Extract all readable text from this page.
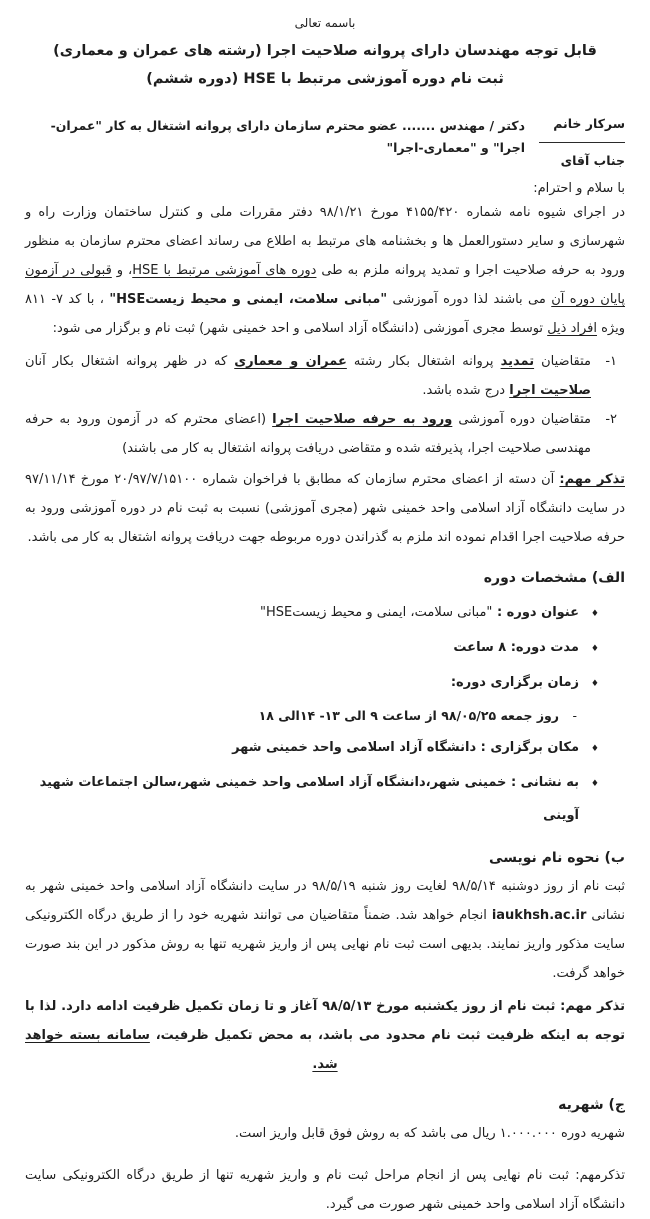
باسمه تعالی
قابل توجه مهندسان دارای پروانه صلاحیت اجرا (رشته های عمران و معماری)
ثبت نام دوره آموزشی مرتبط با HSE (دوره ششم)
سرکار خانم
جناب آقای
دکتر / مهندس ....... عضو محترم سازمان دارای پروانه اشتغال به کار "عمران-اجرا" و "معماری-اجرا"
با سلام و احترام:

در اجرای شیوه نامه شماره ۴۱۵۵/۴۲۰ مورخ ۹۸/۱/۲۱ دفتر مقررات ملی و کنترل ساختمان وزارت راه و شهرسازی و سایر دستورالعمل ها و بخشنامه های مرتبط به اطلاع می رساند اعضای محترم سازمان به منظور ورود به حرفه صلاحیت اجرا و تمدید پروانه ملزم به طی دوره های آموزشی مرتبط با HSE، و قبولی در آزمون پایان دوره آن می باشند لذا دوره آموزشی "مبانی سلامت، ایمنی و محیط زیستHSE" ، با کد ۷- ۸۱۱ ویژه افراد ذیل توسط مجری آموزشی (دانشگاه آزاد اسلامی و احد خمینی شهر) ثبت نام و برگزار می شود:

۱-
متقاضیان تمدید پروانه اشتغال بکار رشته عمران و معماری که در ظهر پروانه اشتغال بکار آنان صلاحیت اجرا درج شده باشد.
۲-
متقاضیان دوره آموزشی ورود به حرفه صلاحیت اجرا (اعضای محترم که در آزمون ورود به حرفه مهندسی صلاحیت اجرا، پذیرفته شده و متقاضی دریافت پروانه اشتغال به کار می باشند)

تذکر مهم: آن دسته از اعضای محترم سازمان که مطابق با فراخوان شماره ۲۰/۹۷/۷/۱۵۱۰۰ مورخ ۹۷/۱۱/۱۴ در سایت دانشگاه آزاد اسلامی واحد خمینی شهر (مجری آموزشی) نسبت به ثبت نام در دوره آموزشی ورود به حرفه صلاحیت اجرا اقدام نموده اند ملزم به گذراندن دوره مربوطه جهت دریافت پروانه اشتغال به کار می باشد.

الف) مشخصات دوره
♦
عنوان دوره : "مبانی سلامت، ایمنی و محیط زیستHSE"
♦
مدت دوره: ۸ ساعت
♦
زمان برگزاری دوره:
-
روز جمعه ۹۸/۰۵/۲۵ از ساعت ۹ الی ۱۳- ۱۴الی ۱۸
♦
مکان برگزاری : دانشگاه آزاد اسلامی واحد خمینی شهر
♦
به نشانی : خمینی شهر،دانشگاه آزاد اسلامی واحد خمینی شهر،سالن اجتماعات شهید آوینی
ب) نحوه نام نویسی

ثبت نام از روز دوشنبه ۹۸/۵/۱۴ لغایت روز شنبه ۹۸/۵/۱۹ در سایت دانشگاه آزاد اسلامی واحد خمینی شهر به نشانی iaukhsh.ac.ir انجام خواهد شد. ضمناً متقاضیان می توانند شهریه خود را از طریق درگاه الکترونیکی سایت مذکور واریز نمایند. بدیهی است ثبت نام نهایی پس از واریز شهریه تنها به روش مذکور در این بند صورت خواهد گرفت.

تذکر مهم: ثبت نام از روز یکشنبه مورخ ۹۸/۵/۱۳ آغاز و تا زمان تکمیل ظرفیت ادامه دارد. لذا با توجه به اینکه ظرفیت ثبت نام محدود می باشد، به محض تکمیل ظرفیت، سامانه بسته خواهد شد.

ج) شهریه
شهریه دوره ۱.۰۰۰.۰۰۰ ریال می باشد که به روش فوق قابل واریز است.

تذکرمهم: ثبت نام نهایی پس از انجام مراحل ثبت نام و واریز شهریه تنها از طریق درگاه الکترونیکی سایت دانشگاه آزاد اسلامی واحد خمینی شهر صورت می گیرد.
